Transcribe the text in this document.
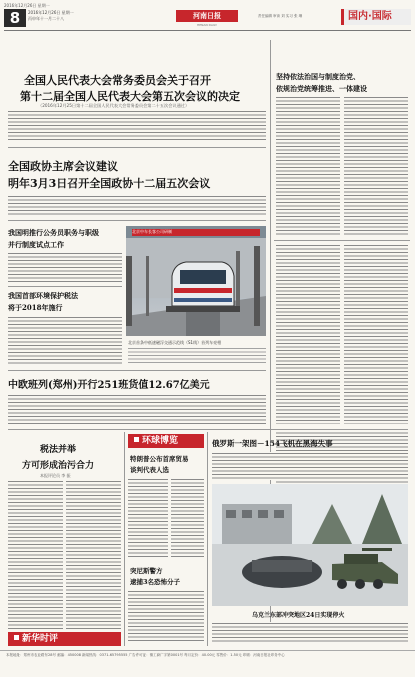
2016年12月26日 星期一
8	2016年12月26日 星期一
丙申年十一月二十八	河南日报
HENAN DAILY
责任编辑 审读 刘 实习 张 琳	国内·国际
全国人民代表大会常务委员会关于召开
第十二届全国人民代表大会第五次会议的决定
（2016年12月25日第十二届全国人民代表大会常务委员会第二十五次会议通过）
全国政协主席会议建议
明年3月3日召开全国政协十二届五次会议
坚持依法治国与制度治党、
依规治党统筹推进、一体建设
我国明推行公务员职务与职级
并行制度试点工作
我国首部环境保护税法
将于2018年施行
北京中车长客公司研制
北京首条中低速磁浮交通示范线（S1线）首列车亮相
中欧班列(郑州)开行251班货值12.67亿美元
税法并举
方可形成治污合力
本报评论员 李 振
新华时评
环球博览
特朗普公布首席贸易
谈判代表人选
突尼斯警方
逮捕3名恐怖分子
俄罗斯一架图－154飞机在黑海失事
乌克兰东部冲突地区24日实现停火
本报地址：郑州市农业路东28号 邮编：450008 新闻热线：0371-65795555 广告许可证：豫工商广字第0001号 每月定价：40.00元 零售价：1.50元 印刷：河南日报社印务中心
